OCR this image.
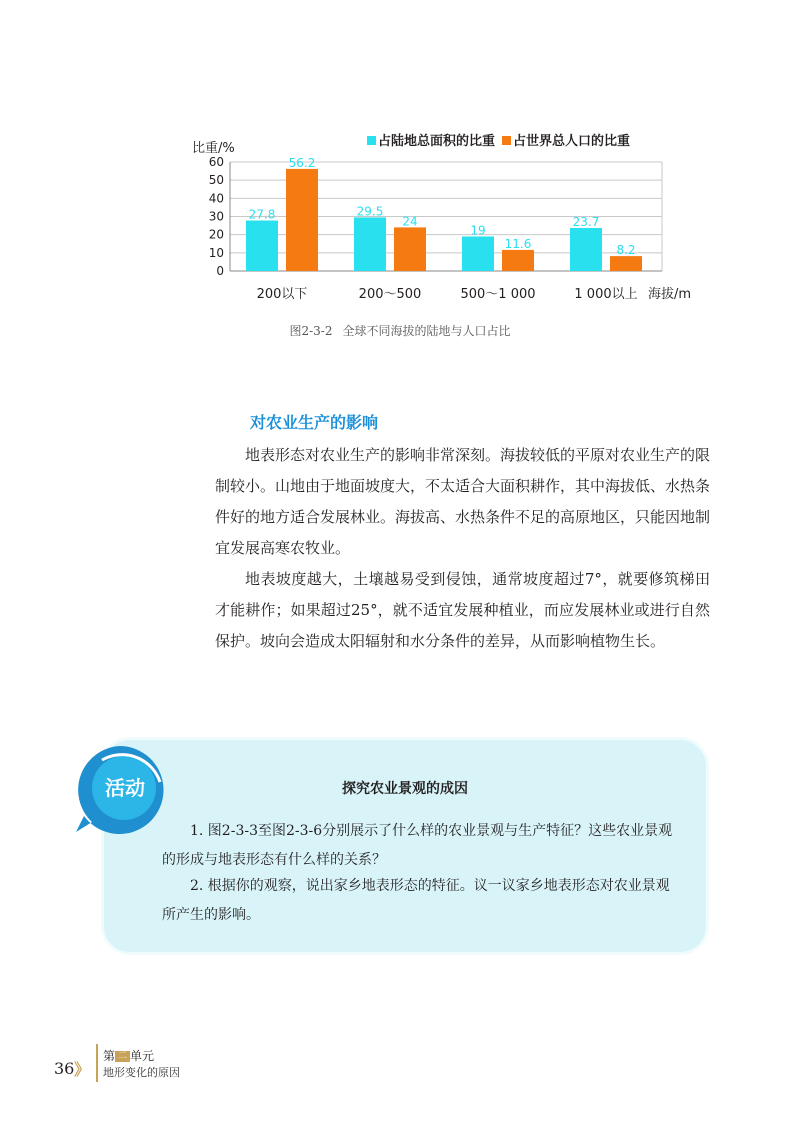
0
10
20
30
40
50
60
比重/%
海拔/m
占陆地总面积的比重 占世界总人口的比重
27.8
56.2
200以下
29.5
24
200～500
19
11.6
500～1 000
23.7
8.2
1 000以上
图2-3-2 全球不同海拔的陆地与人口占比
对农业生产的影响

地表形态对农业生产的影响非常深刻。海拔较低的平原对农业生产的限制较小。山地由于地面坡度大，不太适合大面积耕作，其中海拔低、水热条件好的地方适合发展林业。海拔高、水热条件不足的高原地区，只能因地制宜发展高寒农牧业。

地表坡度越大，土壤越易受到侵蚀，通常坡度超过7°，就要修筑梯田才能耕作；如果超过25°，就不适宜发展种植业，而应发展林业或进行自然保护。坡向会造成太阳辐射和水分条件的差异，从而影响植物生长。

活动	探究农业景观的成因

1. 图2-3-3至图2-3-6分别展示了什么样的农业景观与生产特征？这些农业景观的形成与地表形态有什么样的关系？

2. 根据你的观察，说出家乡地表形态的特征。议一议家乡地表形态对农业景观所产生的影响。

36 》
第 二 单元
地形变化的原因
